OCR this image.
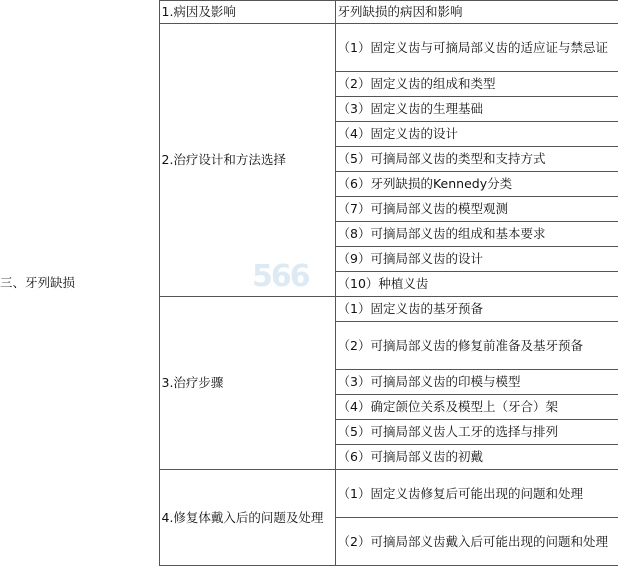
三、牙列缺损	1.病因及影响	牙列缺损的病因和影响
	2.治疗设计和方法选择	（1）固定义齿与可摘局部义齿的适应证与禁忌证
		（2）固定义齿的组成和类型
		（3）固定义齿的生理基础
		（4）固定义齿的设计
		（5）可摘局部义齿的类型和支持方式
		（6）牙列缺损的Kennedy分类
		（7）可摘局部义齿的模型观测
		（8）可摘局部义齿的组成和基本要求
		（9）可摘局部义齿的设计
		（10）种植义齿
	3.治疗步骤	（1）固定义齿的基牙预备
		（2）可摘局部义齿的修复前准备及基牙预备
		（3）可摘局部义齿的印模与模型
		（4）确定颌位关系及模型上（牙合）架
		（5）可摘局部义齿人工牙的选择与排列
		（6）可摘局部义齿的初戴
	4.修复体戴入后的问题及处理	（1）固定义齿修复后可能出现的问题和处理
		（2）可摘局部义齿戴入后可能出现的问题和处理
566
